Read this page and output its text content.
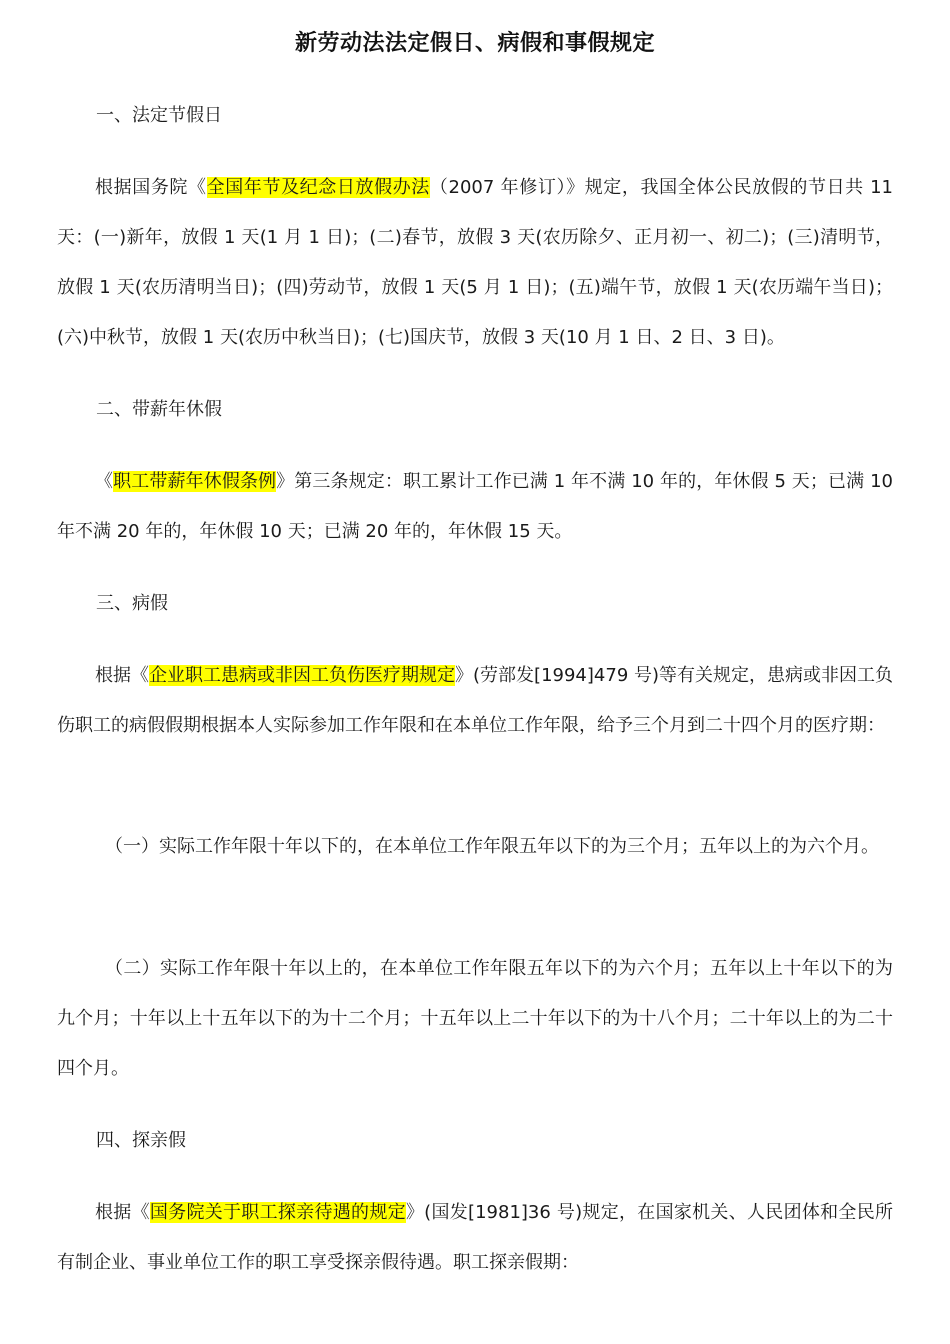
新劳动法法定假日、病假和事假规定
一、法定节假日
根据国务院《全国年节及纪念日放假办法（2007 年修订）》规定，我国全体公民放假的节日共 11 天：(一)新年，放假 1 天(1 月 1 日)；(二)春节，放假 3 天(农历除夕、正月初一、初二)；(三)清明节，放假 1 天(农历清明当日)；(四)劳动节，放假 1 天(5 月 1 日)；(五)端午节，放假 1 天(农历端午当日)；(六)中秋节，放假 1 天(农历中秋当日)；(七)国庆节，放假 3 天(10 月 1 日、2 日、3 日)。
二、带薪年休假
《职工带薪年休假条例》第三条规定：职工累计工作已满 1 年不满 10 年的，年休假 5 天；已满 10 年不满 20 年的，年休假 10 天；已满 20 年的，年休假 15 天。
三、病假
根据《企业职工患病或非因工负伤医疗期规定》(劳部发[1994]479 号)等有关规定，患病或非因工负伤职工的病假假期根据本人实际参加工作年限和在本单位工作年限，给予三个月到二十四个月的医疗期：
（一）实际工作年限十年以下的，在本单位工作年限五年以下的为三个月；五年以上的为六个月。
（二）实际工作年限十年以上的，在本单位工作年限五年以下的为六个月；五年以上十年以下的为九个月；十年以上十五年以下的为十二个月；十五年以上二十年以下的为十八个月；二十年以上的为二十四个月。
四、探亲假
根据《国务院关于职工探亲待遇的规定》(国发[1981]36 号)规定，在国家机关、人民团体和全民所有制企业、事业单位工作的职工享受探亲假待遇。职工探亲假期：
